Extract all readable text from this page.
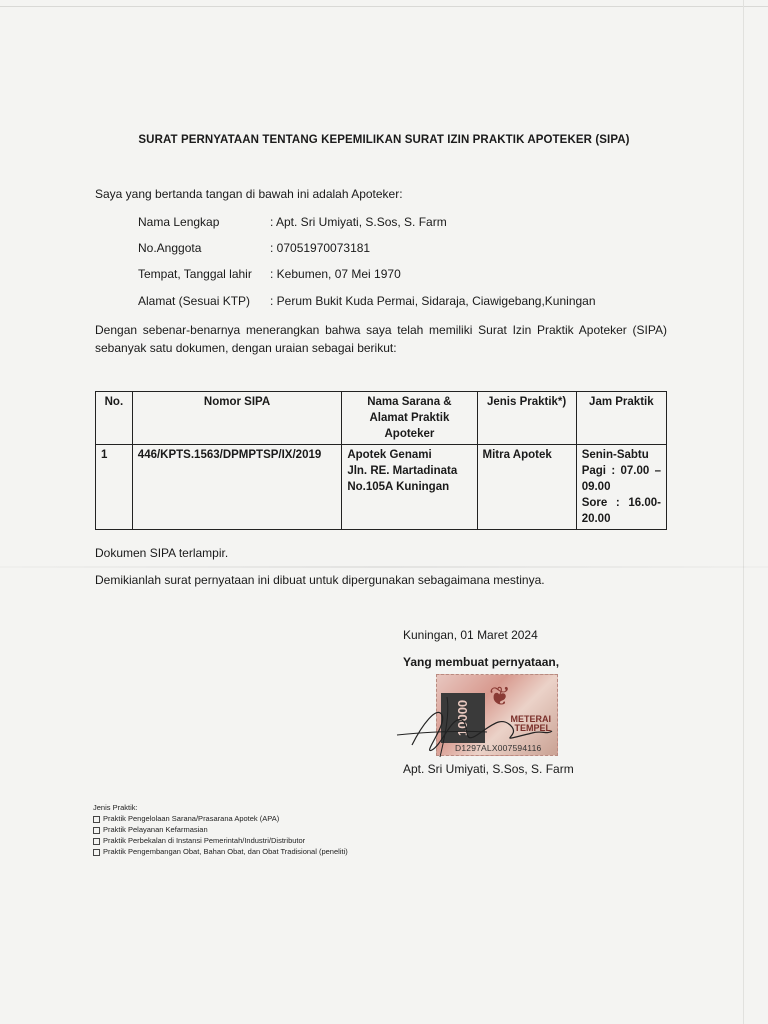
SURAT PERNYATAAN TENTANG KEPEMILIKAN SURAT IZIN PRAKTIK APOTEKER (SIPA)
Saya yang bertanda tangan di bawah ini adalah Apoteker:
Nama Lengkap	: Apt. Sri Umiyati, S.Sos, S. Farm
No.Anggota	: 07051970073181
Tempat, Tanggal lahir : Kebumen, 07 Mei 1970
Alamat (Sesuai KTP) : Perum Bukit Kuda Permai, Sidaraja, Ciawigebang,Kuningan
Dengan sebenar-benarnya menerangkan bahwa saya telah memiliki Surat Izin Praktik Apoteker (SIPA) sebanyak satu dokumen, dengan uraian sebagai berikut:
No.	Nomor SIPA	Nama Sarana & Alamat Praktik Apoteker	Jenis Praktik*)	Jam Praktik
1	446/KPTS.1563/DPMPTSP/IX/2019	Apotek Genami
Jln. RE. Martadinata
No.105A Kuningan	Mitra Apotek	Senin-Sabtu
Pagi : 07.00 – 09.00
Sore : 16.00- 20.00
Dokumen SIPA terlampir.
Demikianlah surat pernyataan ini dibuat untuk dipergunakan sebagaimana mestinya.
Kuningan, 01 Maret 2024
Yang membuat pernyataan,
10000
❦
METERAI
TEMPEL
D1297ALX007594116
Apt. Sri Umiyati, S.Sos, S. Farm
Jenis Praktik:
Praktik Pengelolaan Sarana/Prasarana Apotek (APA)
Praktik Pelayanan Kefarmasian
Praktik Perbekalan di Instansi Pemerintah/Industri/Distributor
Praktik Pengembangan Obat, Bahan Obat, dan Obat Tradisional (peneliti)
